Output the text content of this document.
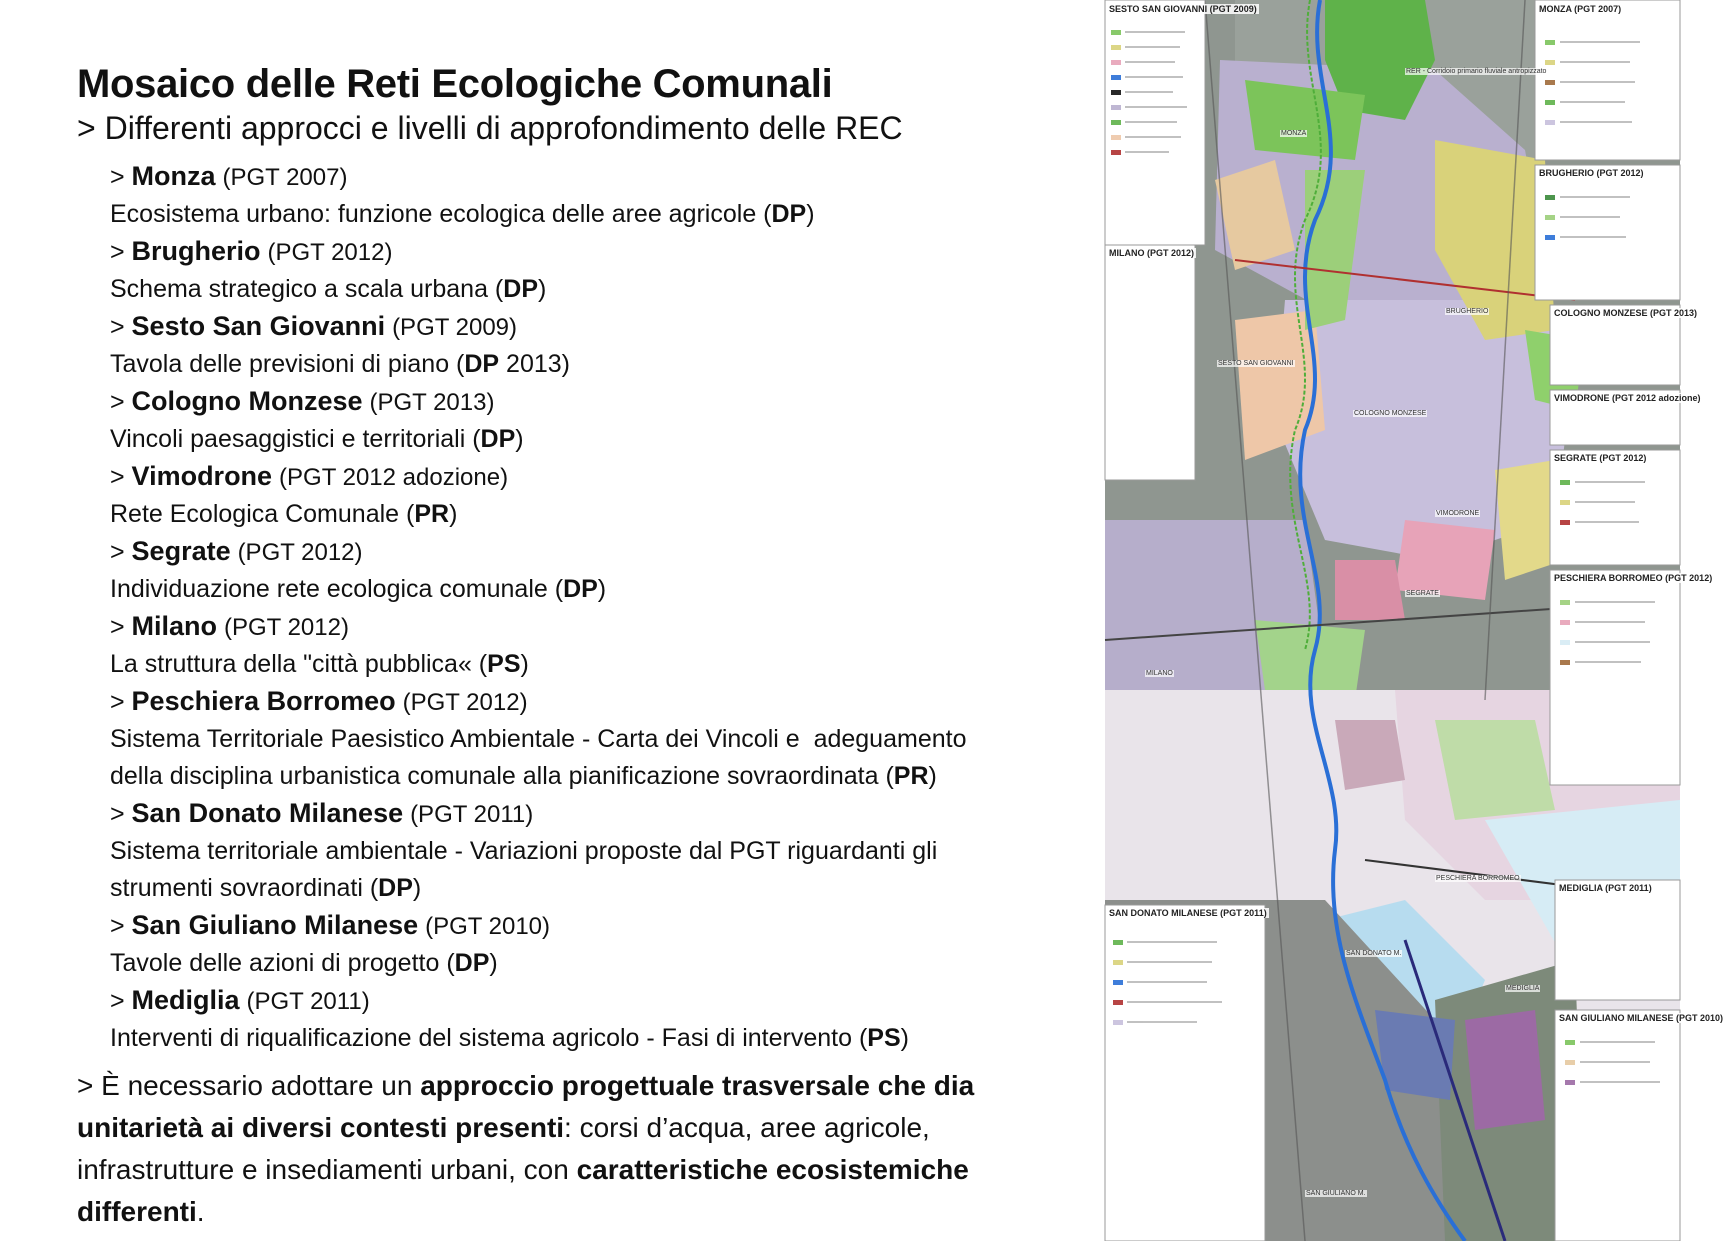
Mosaico delle Reti Ecologiche Comunali

> Differenti approcci e livelli di approfondimento delle REC

> Monza (PGT 2007)
Ecosistema urbano: funzione ecologica delle aree agricole (DP)
> Brugherio (PGT 2012)
Schema strategico a scala urbana (DP)
> Sesto San Giovanni (PGT 2009)
Tavola delle previsioni di piano (DP 2013)
> Cologno Monzese (PGT 2013)
Vincoli paesaggistici e territoriali (DP)
> Vimodrone (PGT 2012 adozione)
Rete Ecologica Comunale (PR)
> Segrate (PGT 2012)
Individuazione rete ecologica comunale (DP)
> Milano (PGT 2012)
La struttura della "città pubblica« (PS)
> Peschiera Borromeo (PGT 2012)
Sistema Territoriale Paesistico Ambientale - Carta dei Vincoli e  adeguamento
della disciplina urbanistica comunale alla pianificazione sovraordinata (PR)
> San Donato Milanese (PGT 2011)
Sistema territoriale ambientale - Variazioni proposte dal PGT riguardanti gli
strumenti sovraordinati (DP)
> San Giuliano Milanese (PGT 2010)
Tavole delle azioni di progetto (DP)
> Mediglia (PGT 2011)
Interventi di riqualificazione del sistema agricolo - Fasi di intervento (PS)
> È necessario adottare un approccio progettuale trasversale che dia unitarietà ai diversi contesti presenti: corsi d’acqua, aree agricole, infrastrutture e insediamenti urbani, con caratteristiche ecosistemiche differenti.
SESTO SAN GIOVANNI (PGT 2009)	MONZA (PGT 2007)
BRUGHERIO (PGT 2012)
MILANO (PGT 2012)
COLOGNO MONZESE (PGT 2013)
VIMODRONE (PGT 2012 adozione)
SEGRATE (PGT 2012)
PESCHIERA BORROMEO (PGT 2012)
SAN DONATO MILANESE (PGT 2011)
MEDIGLIA (PGT 2011)
SAN GIULIANO MILANESE (PGT 2010)
MONZA
BRUGHERIO
SESTO SAN GIOVANNI
COLOGNO MONZESE
VIMODRONE
SEGRATE
MILANO
PESCHIERA BORROMEO
SAN DONATO M.
MEDIGLIA
SAN GIULIANO M.
RER - Corridoio primario fluviale antropizzato
